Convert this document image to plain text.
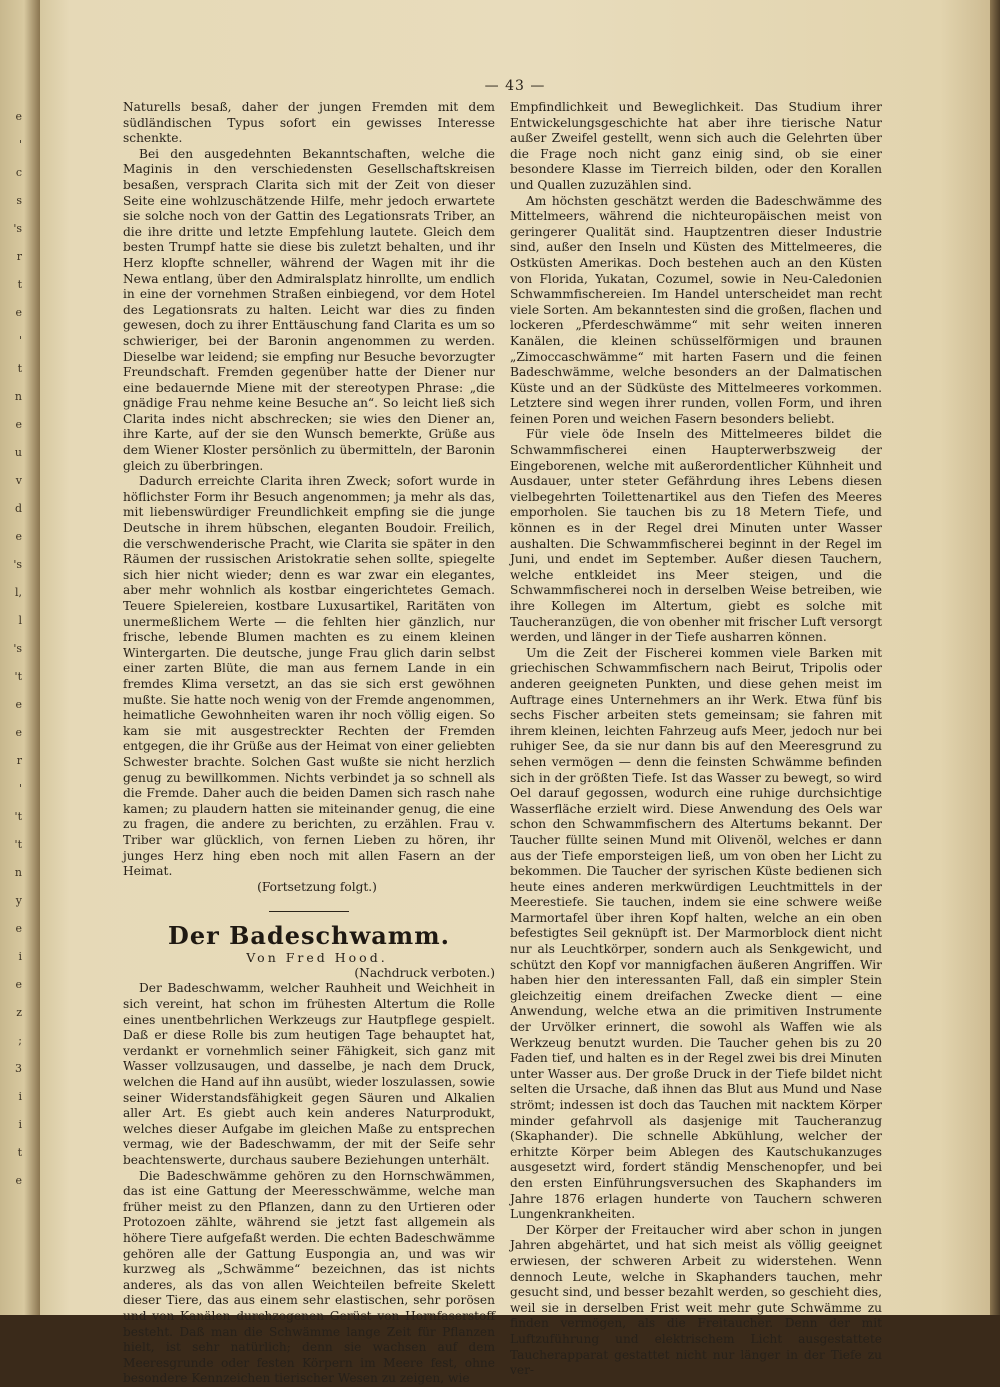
e
'
c
s
's
r
t
e
'
t
n
e
u
v
d
e
's
l,
l
's
't
e
e
r
'
't
't
n
y
e
i
e
z
;
3
i
i
t
e
— 43 —

Naturells besaß, daher der jungen Fremden mit dem südländischen Typus sofort ein gewisses Interesse schenkte.

Bei den ausgedehnten Bekanntschaften, welche die Maginis in den verschiedensten Gesellschaftskreisen besaßen, versprach Clarita sich mit der Zeit von dieser Seite eine wohlzuschätzende Hilfe, mehr jedoch erwartete sie solche noch von der Gattin des Legationsrats Triber, an die ihre dritte und letzte Empfehlung lautete. Gleich dem besten Trumpf hatte sie diese bis zuletzt behalten, und ihr Herz klopfte schneller, während der Wagen mit ihr die Newa entlang, über den Admiralsplatz hinrollte, um endlich in eine der vornehmen Straßen einbiegend, vor dem Hotel des Legationsrats zu halten. Leicht war dies zu finden gewesen, doch zu ihrer Enttäuschung fand Clarita es um so schwieriger, bei der Baronin angenommen zu werden. Dieselbe war leidend; sie empfing nur Besuche bevorzugter Freundschaft. Fremden gegenüber hatte der Diener nur eine bedauernde Miene mit der stereotypen Phrase: „die gnädige Frau nehme keine Besuche an“. So leicht ließ sich Clarita indes nicht abschrecken; sie wies den Diener an, ihre Karte, auf der sie den Wunsch bemerkte, Grüße aus dem Wiener Kloster persönlich zu übermitteln, der Baronin gleich zu überbringen.

Dadurch erreichte Clarita ihren Zweck; sofort wurde in höflichster Form ihr Besuch angenommen; ja mehr als das, mit liebenswürdiger Freundlichkeit empfing sie die junge Deutsche in ihrem hübschen, eleganten Boudoir. Freilich, die verschwenderische Pracht, wie Clarita sie später in den Räumen der russischen Aristokratie sehen sollte, spiegelte sich hier nicht wieder; denn es war zwar ein elegantes, aber mehr wohnlich als kostbar eingerichtetes Gemach. Teuere Spielereien, kostbare Luxusartikel, Raritäten von unermeßlichem Werte — die fehlten hier gänzlich, nur frische, lebende Blumen machten es zu einem kleinen Wintergarten. Die deutsche, junge Frau glich darin selbst einer zarten Blüte, die man aus fernem Lande in ein fremdes Klima versetzt, an das sie sich erst gewöhnen mußte. Sie hatte noch wenig von der Fremde angenommen, heimatliche Gewohnheiten waren ihr noch völlig eigen. So kam sie mit ausgestreckter Rechten der Fremden entgegen, die ihr Grüße aus der Heimat von einer geliebten Schwester brachte. Solchen Gast wußte sie nicht herzlich genug zu bewillkommen. Nichts verbindet ja so schnell als die Fremde. Daher auch die beiden Damen sich rasch nahe kamen; zu plaudern hatten sie miteinander genug, die eine zu fragen, die andere zu berichten, zu erzählen. Frau v. Triber war glücklich, von fernen Lieben zu hören, ihr junges Herz hing eben noch mit allen Fasern an der Heimat.

(Fortsetzung folgt.)

Der Badeschwamm.

Von Fred Hood.

(Nachdruck verboten.)

Der Badeschwamm, welcher Rauhheit und Weichheit in sich vereint, hat schon im frühesten Altertum die Rolle eines unentbehrlichen Werkzeugs zur Hautpflege gespielt. Daß er diese Rolle bis zum heutigen Tage behauptet hat, verdankt er vornehmlich seiner Fähigkeit, sich ganz mit Wasser vollzusaugen, und dasselbe, je nach dem Druck, welchen die Hand auf ihn ausübt, wieder loszulassen, sowie seiner Widerstandsfähigkeit gegen Säuren und Alkalien aller Art. Es giebt auch kein anderes Naturprodukt, welches dieser Aufgabe im gleichen Maße zu entsprechen vermag, wie der Badeschwamm, der mit der Seife sehr beachtenswerte, durchaus saubere Beziehungen unterhält.

Die Badeschwämme gehören zu den Hornschwämmen, das ist eine Gattung der Meeresschwämme, welche man früher meist zu den Pflanzen, dann zu den Urtieren oder Protozoen zählte, während sie jetzt fast allgemein als höhere Tiere aufgefaßt werden. Die echten Badeschwämme gehören alle der Gattung Euspongia an, und was wir kurzweg als „Schwämme“ bezeichnen, das ist nichts anderes, als das von allen Weichteilen befreite Skelett dieser Tiere, das aus einem sehr elastischen, sehr porösen und von Kanälen durchzogenen Gerüst von Hornfaserstoff besteht. Daß man die Schwämme lange Zeit für Pflanzen hielt, ist sehr natürlich; denn sie wachsen auf dem Meeresgrunde oder festen Körpern im Meere fest, ohne besondere Kennzeichen tierischer Wesen zu zeigen, wie

Empfindlichkeit und Beweglichkeit. Das Studium ihrer Entwickelungsgeschichte hat aber ihre tierische Natur außer Zweifel gestellt, wenn sich auch die Gelehrten über die Frage noch nicht ganz einig sind, ob sie einer besondere Klasse im Tierreich bilden, oder den Korallen und Quallen zuzuzählen sind.

Am höchsten geschätzt werden die Badeschwämme des Mittelmeers, während die nichteuropäischen meist von geringerer Qualität sind. Hauptzentren dieser Industrie sind, außer den Inseln und Küsten des Mittelmeeres, die Ostküsten Amerikas. Doch bestehen auch an den Küsten von Florida, Yukatan, Cozumel, sowie in Neu-Caledonien Schwammfischereien. Im Handel unterscheidet man recht viele Sorten. Am bekanntesten sind die großen, flachen und lockeren „Pferdeschwämme“ mit sehr weiten inneren Kanälen, die kleinen schüsselförmigen und braunen „Zimoccaschwämme“ mit harten Fasern und die feinen Badeschwämme, welche besonders an der Dalmatischen Küste und an der Südküste des Mittelmeeres vorkommen. Letztere sind wegen ihrer runden, vollen Form, und ihren feinen Poren und weichen Fasern besonders beliebt.

Für viele öde Inseln des Mittelmeeres bildet die Schwammfischerei einen Haupterwerbszweig der Eingeborenen, welche mit außerordentlicher Kühnheit und Ausdauer, unter steter Gefährdung ihres Lebens diesen vielbegehrten Toilettenartikel aus den Tiefen des Meeres emporholen. Sie tauchen bis zu 18 Metern Tiefe, und können es in der Regel drei Minuten unter Wasser aushalten. Die Schwammfischerei beginnt in der Regel im Juni, und endet im September. Außer diesen Tauchern, welche entkleidet ins Meer steigen, und die Schwammfischerei noch in derselben Weise betreiben, wie ihre Kollegen im Altertum, giebt es solche mit Taucheranzügen, die von obenher mit frischer Luft versorgt werden, und länger in der Tiefe ausharren können.

Um die Zeit der Fischerei kommen viele Barken mit griechischen Schwammfischern nach Beirut, Tripolis oder anderen geeigneten Punkten, und diese gehen meist im Auftrage eines Unternehmers an ihr Werk. Etwa fünf bis sechs Fischer arbeiten stets gemeinsam; sie fahren mit ihrem kleinen, leichten Fahrzeug aufs Meer, jedoch nur bei ruhiger See, da sie nur dann bis auf den Meeresgrund zu sehen vermögen — denn die feinsten Schwämme befinden sich in der größten Tiefe. Ist das Wasser zu bewegt, so wird Oel darauf gegossen, wodurch eine ruhige durchsichtige Wasserfläche erzielt wird. Diese Anwendung des Oels war schon den Schwammfischern des Altertums bekannt. Der Taucher füllte seinen Mund mit Olivenöl, welches er dann aus der Tiefe emporsteigen ließ, um von oben her Licht zu bekommen. Die Taucher der syrischen Küste bedienen sich heute eines anderen merkwürdigen Leuchtmittels in der Meerestiefe. Sie tauchen, indem sie eine schwere weiße Marmortafel über ihren Kopf halten, welche an ein oben befestigtes Seil geknüpft ist. Der Marmorblock dient nicht nur als Leuchtkörper, sondern auch als Senkgewicht, und schützt den Kopf vor mannigfachen äußeren Angriffen. Wir haben hier den interessanten Fall, daß ein simpler Stein gleichzeitig einem dreifachen Zwecke dient — eine Anwendung, welche etwa an die primitiven Instrumente der Urvölker erinnert, die sowohl als Waffen wie als Werkzeug benutzt wurden. Die Taucher gehen bis zu 20 Faden tief, und halten es in der Regel zwei bis drei Minuten unter Wasser aus. Der große Druck in der Tiefe bildet nicht selten die Ursache, daß ihnen das Blut aus Mund und Nase strömt; indessen ist doch das Tauchen mit nacktem Körper minder gefahrvoll als dasjenige mit Taucheranzug (Skaphander). Die schnelle Abkühlung, welcher der erhitzte Körper beim Ablegen des Kautschukanzuges ausgesetzt wird, fordert ständig Menschenopfer, und bei den ersten Einführungsversuchen des Skaphanders im Jahre 1876 erlagen hunderte von Tauchern schweren Lungenkrankheiten.

Der Körper der Freitaucher wird aber schon in jungen Jahren abgehärtet, und hat sich meist als völlig geeignet erwiesen, der schweren Arbeit zu widerstehen. Wenn dennoch Leute, welche in Skaphanders tauchen, mehr gesucht sind, und besser bezahlt werden, so geschieht dies, weil sie in derselben Frist weit mehr gute Schwämme zu finden vermögen, als die Freitaucher. Denn der mit Luftzuführung und elektrischem Licht ausgestattete Taucherapparat gestattet nicht nur länger in der Tiefe zu ver-
